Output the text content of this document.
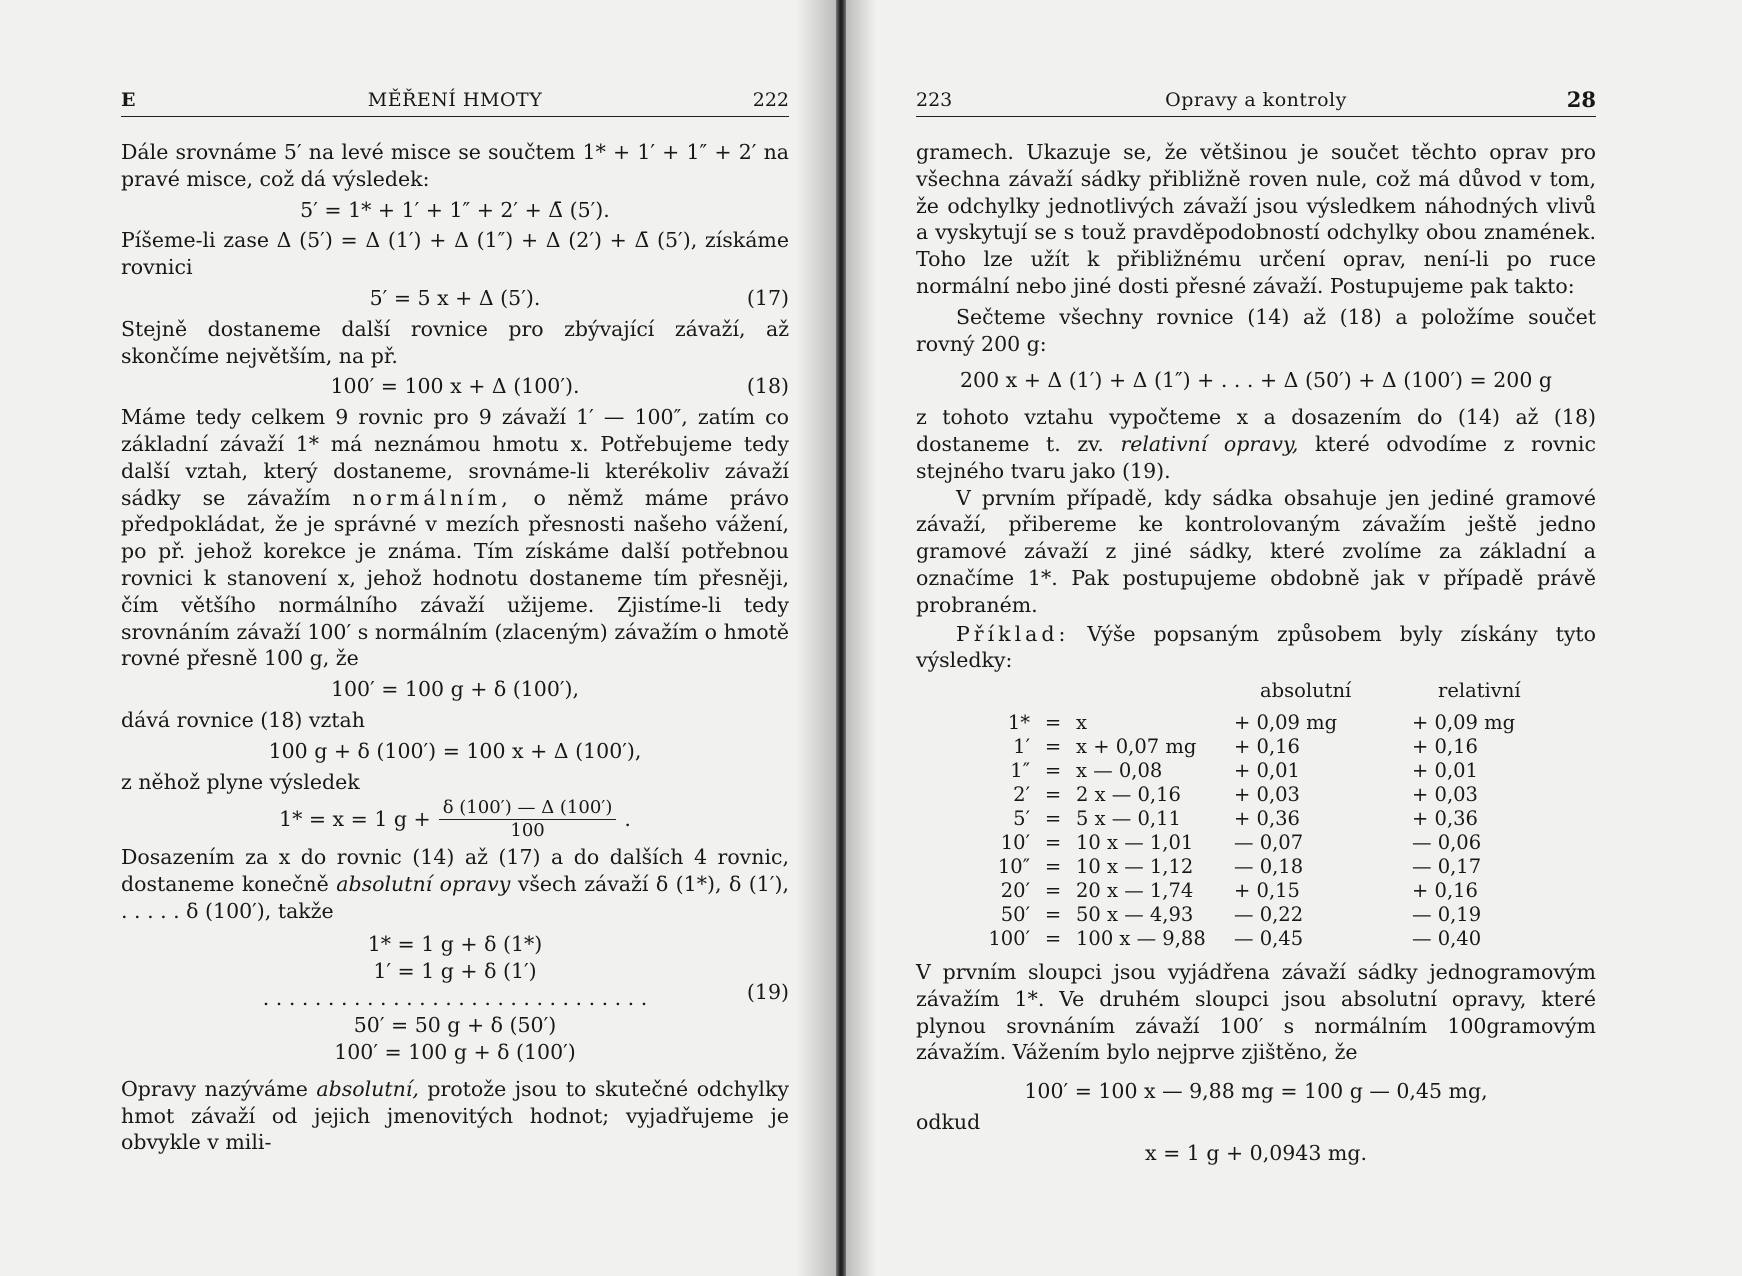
E	MĚŘENÍ HMOTY	222

Dále srovnáme 5′ na levé misce se součtem 1* + 1′ + 1″ + 2′ na pravé misce, což dá výsledek:

5′ = 1* + 1′ + 1″ + 2′ + Δ̄ (5′).

Píšeme-li zase Δ (5′) = Δ (1′) + Δ (1″) + Δ (2′) + Δ̄ (5′), získáme rovnici

5′ = 5 x + Δ (5′).	(17)

Stejně dostaneme další rovnice pro zbývající závaží, až skončíme největším, na př.

100′ = 100 x + Δ (100′).	(18)

Máme tedy celkem 9 rovnic pro 9 závaží 1′ — 100″, zatím co základní závaží 1* má neznámou hmotu x. Potřebujeme tedy další vztah, který dostaneme, srovnáme-li kterékoliv závaží sádky se závažím normálním, o němž máme právo předpokládat, že je správné v mezích přesnosti našeho vážení, po př. jehož korekce je známa. Tím získáme další potřebnou rovnici k stanovení x, jehož hodnotu dostaneme tím přesněji, čím většího normálního závaží užijeme. Zjistíme-li tedy srovnáním závaží 100′ s normálním (zlaceným) závažím o hmotě rovné přesně 100 g, že

100′ = 100 g + δ (100′),
dává rovnice (18) vztah
100 g + δ (100′) = 100 x + Δ (100′),
z něhož plyne výsledek
1* = x = 1 $g + \frac{\delta (100') — \Delta (100')}{100}$ .

Dosazením za x do rovnic (14) až (17) a do dalších 4 rovnic, dostaneme konečně absolutní opravy všech závaží δ (1*), δ (1′), . . . . . δ (100′), takže

1* = 1 g + δ (1*)
1′ = 1 g + δ (1′)
. . . . . . . . . . . . . . . . . . . . . . . . . . . . . .
50′ = 50 g + δ (50′)
100′ = 100 g + δ (100′)
(19)

Opravy nazýváme absolutní, protože jsou to skutečné odchylky hmot závaží od jejich jmenovitých hodnot; vyjadřujeme je obvykle v mili-

223	Opravy a kontroly	28

gramech. Ukazuje se, že většinou je součet těchto oprav pro všechna závaží sádky přibližně roven nule, což má důvod v tom, že odchylky jednotlivých závaží jsou výsledkem náhodných vlivů a vyskytují se s touž pravděpodobností odchylky obou znamének. Toho lze užít k přibližnému určení oprav, není-li po ruce normální nebo jiné dosti přesné závaží. Postupujeme pak takto:

Sečteme všechny rovnice (14) až (18) a položíme součet rovný 200 g:

200 x + Δ (1′) + Δ (1″) + . . . + Δ (50′) + Δ (100′) = 200 g

z tohoto vztahu vypočteme x a dosazením do (14) až (18) dostaneme t. zv. relativní opravy, které odvodíme z rovnic stejného tvaru jako (19).

V prvním případě, kdy sádka obsahuje jen jediné gramové závaží, přibereme ke kontrolovaným závažím ještě jedno gramové závaží z jiné sádky, které zvolíme za základní a označíme 1*. Pak postupujeme obdobně jak v případě právě probraném.

Příklad: Výše popsaným způsobem byly získány tyto výsledky:

			absolutní	relativní
1*	=	x	+ 0,09 mg	+ 0,09 mg
1′	=	x + 0,07 mg	+ 0,16	+ 0,16
1″	=	x — 0,08	+ 0,01	+ 0,01
2′	=	2 x — 0,16	+ 0,03	+ 0,03
5′	=	5 x — 0,11	+ 0,36	+ 0,36
10′	=	10 x — 1,01	— 0,07	— 0,06
10″	=	10 x — 1,12	— 0,18	— 0,17
20′	=	20 x — 1,74	+ 0,15	+ 0,16
50′	=	50 x — 4,93	— 0,22	— 0,19
100′	=	100 x — 9,88	— 0,45	— 0,40

V prvním sloupci jsou vyjádřena závaží sádky jednogramovým závažím 1*. Ve druhém sloupci jsou absolutní opravy, které plynou srovnáním závaží 100′ s normálním 100gramovým závažím. Vážením bylo nejprve zjištěno, že

100′ = 100 x — 9,88 mg = 100 g — 0,45 mg,
odkud
x = 1 g + 0,0943 mg.
